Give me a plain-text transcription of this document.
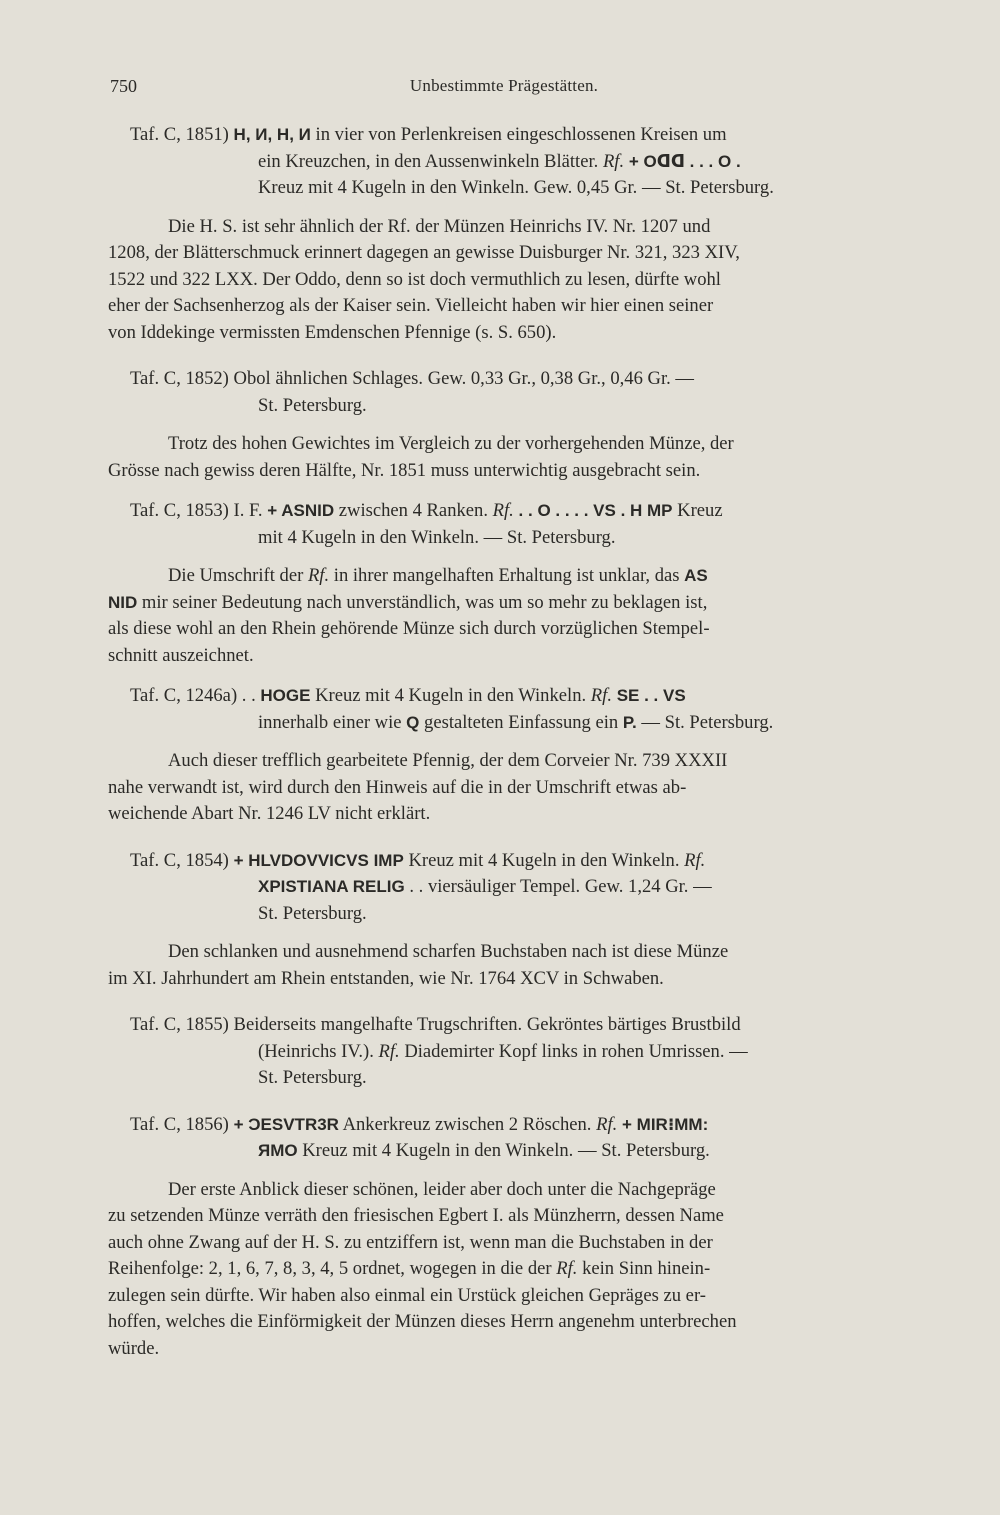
750	Unbestimmte Prägestätten.

Taf. C, 1851) H, И, H, И in vier von Perlenkreisen eingeschlossenen Kreisen um

ein Kreuzchen, in den Aussenwinkeln Blätter. Rf. + Oᗡᗡ . . . O .

Kreuz mit 4 Kugeln in den Winkeln. Gew. 0,45 Gr. — St. Petersburg.

Die H. S. ist sehr ähnlich der Rf. der Münzen Heinrichs IV. Nr. 1207 und

1208, der Blätterschmuck erinnert dagegen an gewisse Duisburger Nr. 321, 323 XIV,

1522 und 322 LXX. Der Oddo, denn so ist doch vermuthlich zu lesen, dürfte wohl

eher der Sachsenherzog als der Kaiser sein. Vielleicht haben wir hier einen seiner

von Iddekinge vermissten Emdenschen Pfennige (s. S. 650).

Taf. C, 1852) Obol ähnlichen Schlages. Gew. 0,33 Gr., 0,38 Gr., 0,46 Gr. —

St. Petersburg.

Trotz des hohen Gewichtes im Vergleich zu der vorhergehenden Münze, der

Grösse nach gewiss deren Hälfte, Nr. 1851 muss unterwichtig ausgebracht sein.

Taf. C, 1853) I. F. + ASNID zwischen 4 Ranken. Rf. . . O . . . . VS . H MP Kreuz

mit 4 Kugeln in den Winkeln. — St. Petersburg.

Die Umschrift der Rf. in ihrer mangelhaften Erhaltung ist unklar, das AS

NID mir seiner Bedeutung nach unverständlich, was um so mehr zu beklagen ist,

als diese wohl an den Rhein gehörende Münze sich durch vorzüglichen Stempel-

schnitt auszeichnet.

Taf. C, 1246a) . . HOGE Kreuz mit 4 Kugeln in den Winkeln. Rf. SE . . VS

innerhalb einer wie Q gestalteten Einfassung ein P. — St. Petersburg.

Auch dieser trefflich gearbeitete Pfennig, der dem Corveier Nr. 739 XXXII

nahe verwandt ist, wird durch den Hinweis auf die in der Umschrift etwas ab-

weichende Abart Nr. 1246 LV nicht erklärt.

Taf. C, 1854) + HLVDOVVICVS IMP Kreuz mit 4 Kugeln in den Winkeln. Rf.

XPISTIANA RELIG . . viersäuliger Tempel. Gew. 1,24 Gr. —

St. Petersburg.

Den schlanken und ausnehmend scharfen Buchstaben nach ist diese Münze

im XI. Jahrhundert am Rhein entstanden, wie Nr. 1764 XCV in Schwaben.

Taf. C, 1855) Beiderseits mangelhafte Trugschriften. Gekröntes bärtiges Brustbild

(Heinrichs IV.). Rf. Diademirter Kopf links in rohen Umrissen. —

St. Petersburg.

Taf. C, 1856) + ƆESVTR3R Ankerkreuz zwischen 2 Röschen. Rf. + MIR⁝MM:

ЯMO Kreuz mit 4 Kugeln in den Winkeln. — St. Petersburg.

Der erste Anblick dieser schönen, leider aber doch unter die Nachgepräge

zu setzenden Münze verräth den friesischen Egbert I. als Münzherrn, dessen Name

auch ohne Zwang auf der H. S. zu entziffern ist, wenn man die Buchstaben in der

Reihenfolge: 2, 1, 6, 7, 8, 3, 4, 5 ordnet, wogegen in die der Rf. kein Sinn hinein-

zulegen sein dürfte. Wir haben also einmal ein Urstück gleichen Gepräges zu er-

hoffen, welches die Einförmigkeit der Münzen dieses Herrn angenehm unterbrechen

würde.
